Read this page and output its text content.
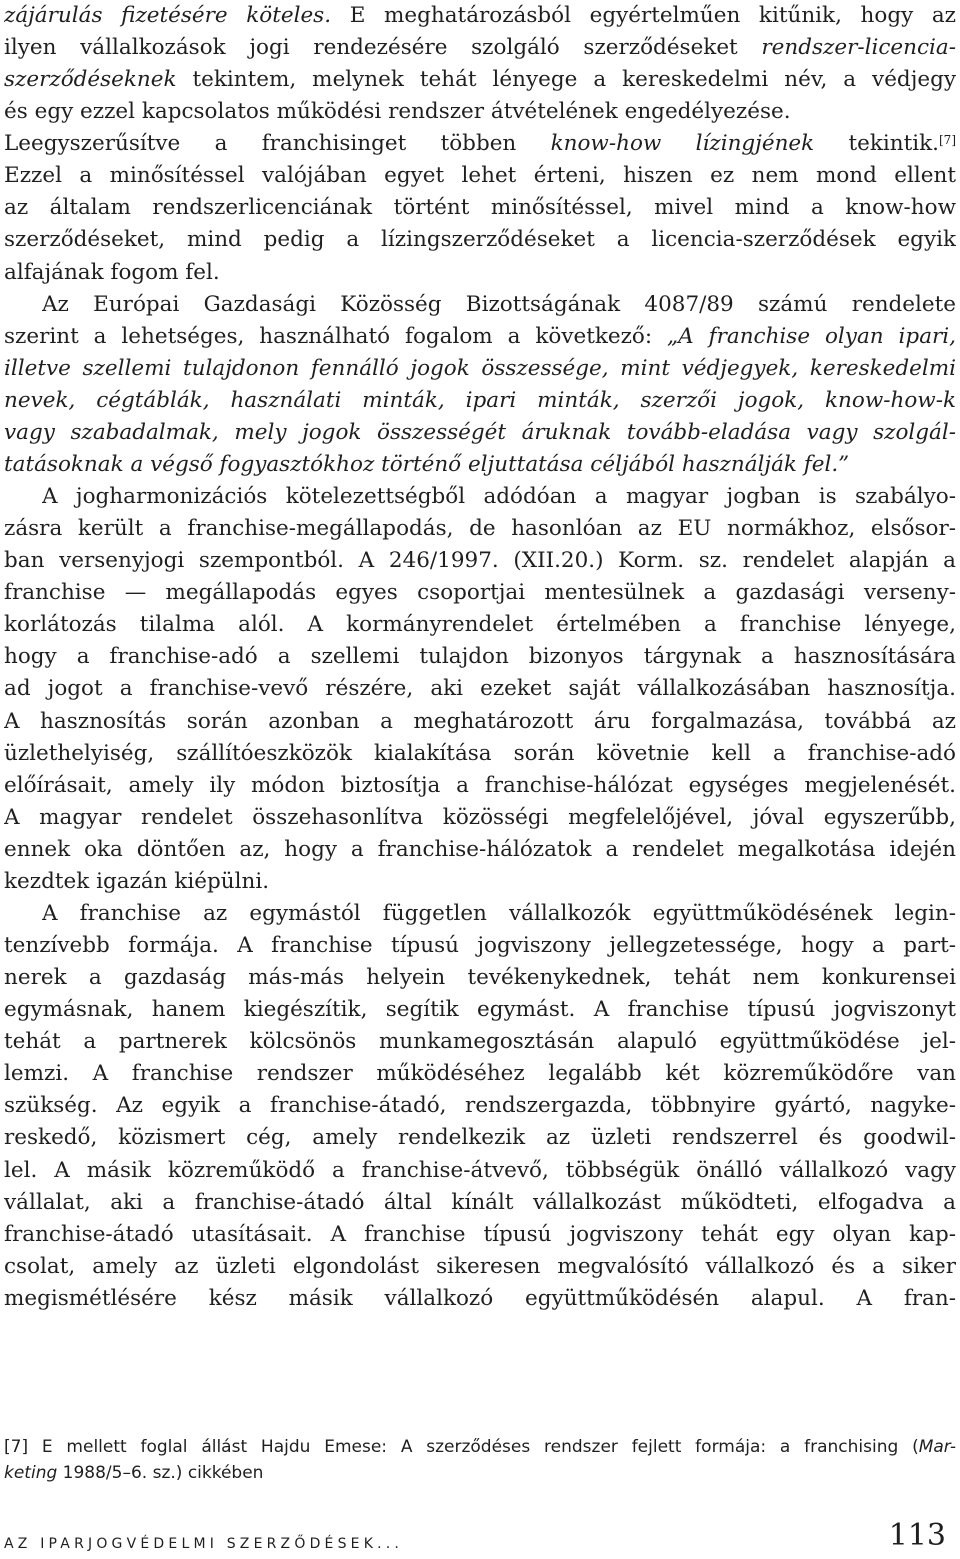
zájárulás fizetésére köteles. E meghatározásból egyértelműen kitűnik, hogy az
ilyen vállalkozások jogi rendezésére szolgáló szerződéseket rendszer-licencia-
szerződéseknek tekintem, melynek tehát lényege a kereskedelmi név, a védjegy
és egy ezzel kapcsolatos működési rendszer átvételének engedélyezése.
Leegyszerűsítve a franchisinget többen know-how lízingjének tekintik.[7]
Ezzel a minősítéssel valójában egyet lehet érteni, hiszen ez nem mond ellent
az általam rendszerlicenciának történt minősítéssel, mivel mind a know-how
szerződéseket, mind pedig a lízingszerződéseket a licencia-szerződések egyik
alfajának fogom fel.
Az Európai Gazdasági Közösség Bizottságának 4087/89 számú rendelete
szerint a lehetséges, használható fogalom a következő: „A franchise olyan ipari,
illetve szellemi tulajdonon fennálló jogok összessége, mint védjegyek, kereskedelmi
nevek, cégtáblák, használati minták, ipari minták, szerzői jogok, know-how-k
vagy szabadalmak, mely jogok összességét áruknak tovább-eladása vagy szolgál-
tatásoknak a végső fogyasztókhoz történő eljuttatása céljából használják fel.”
A jogharmonizációs kötelezettségből adódóan a magyar jogban is szabályo-
zásra került a franchise-megállapodás, de hasonlóan az EU normákhoz, elsősor-
ban versenyjogi szempontból. A 246/1997. (XII.20.) Korm. sz. rendelet alapján a
franchise — megállapodás egyes csoportjai mentesülnek a gazdasági verseny-
korlátozás tilalma alól. A kormányrendelet értelmében a franchise lényege,
hogy a franchise-adó a szellemi tulajdon bizonyos tárgynak a hasznosítására
ad jogot a franchise-vevő részére, aki ezeket saját vállalkozásában hasznosítja.
A hasznosítás során azonban a meghatározott áru forgalmazása, továbbá az
üzlethelyiség, szállítóeszközök kialakítása során követnie kell a franchise-adó
előírásait, amely ily módon biztosítja a franchise-hálózat egységes megjelenését.
A magyar rendelet összehasonlítva közösségi megfelelőjével, jóval egyszerűbb,
ennek oka döntően az, hogy a franchise-hálózatok a rendelet megalkotása idején
kezdtek igazán kiépülni.
A franchise az egymástól független vállalkozók együttműködésének legin-
tenzívebb formája. A franchise típusú jogviszony jellegzetessége, hogy a part-
nerek a gazdaság más-más helyein tevékenykednek, tehát nem konkurensei
egymásnak, hanem kiegészítik, segítik egymást. A franchise típusú jogviszonyt
tehát a partnerek kölcsönös munkamegosztásán alapuló együttműködése jel-
lemzi. A franchise rendszer működéséhez legalább két közreműködőre van
szükség. Az egyik a franchise-átadó, rendszergazda, többnyire gyártó, nagyke-
reskedő, közismert cég, amely rendelkezik az üzleti rendszerrel és goodwil-
lel. A másik közreműködő a franchise-átvevő, többségük önálló vállalkozó vagy
vállalat, aki a franchise-átadó által kínált vállalkozást működteti, elfogadva a
franchise-átadó utasításait. A franchise típusú jogviszony tehát egy olyan kap-
csolat, amely az üzleti elgondolást sikeresen megvalósító vállalkozó és a siker
megismétlésére kész másik vállalkozó együttműködésén alapul. A fran-
[7] E mellett foglal állást Hajdu Emese: A szerződéses rendszer fejlett formája: a franchising (Mar-
keting 1988/5–6. sz.) cikkében
AZ IPARJOGVÉDELMI SZERZŐDÉSEK...	113
